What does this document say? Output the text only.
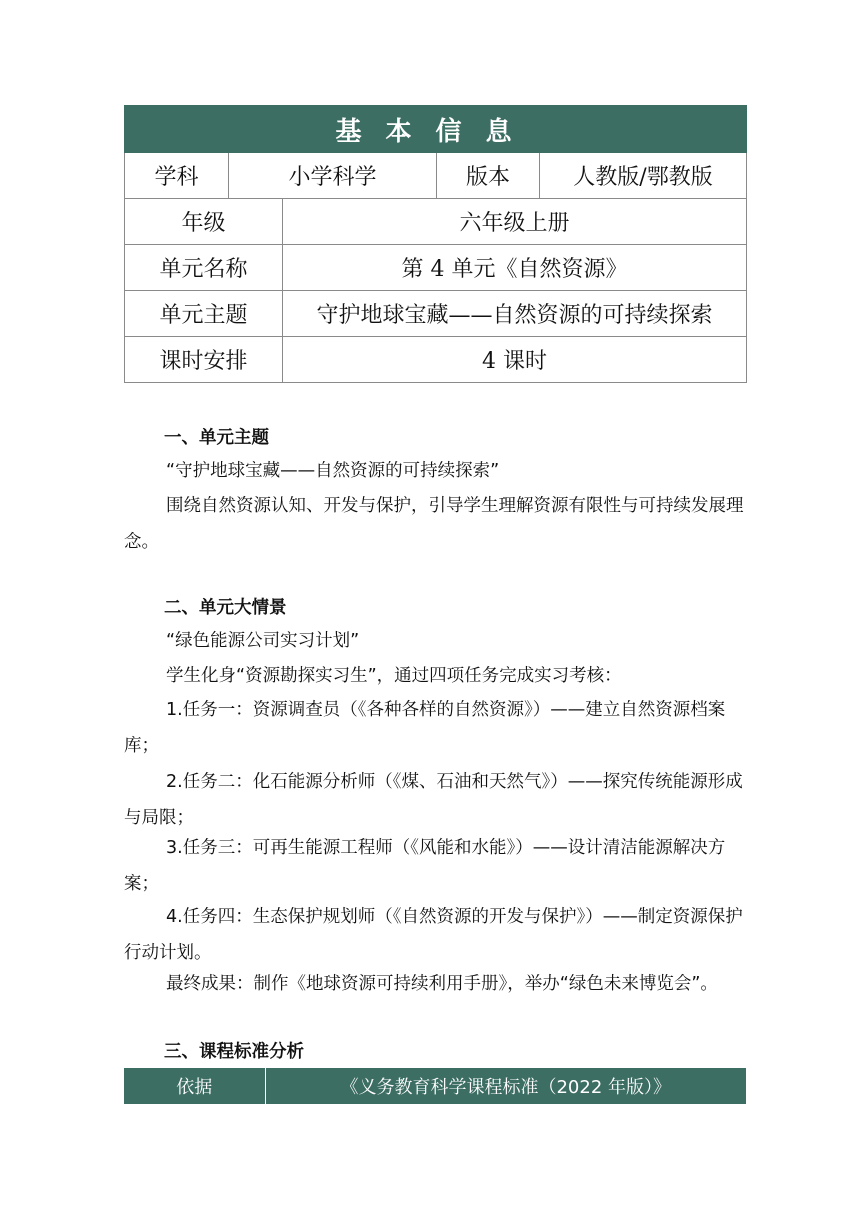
基本信息				
学科	小学科学		版本	人教版/鄂教版
年级		六年级上册		
单元名称		第 4 单元《自然资源》		
单元主题		守护地球宝藏——自然资源的可持续探索		
课时安排		4 课时		

一、单元主题

“守护地球宝藏——自然资源的可持续探索”

围绕自然资源认知、开发与保护，引导学生理解资源有限性与可持续发展理念。

二、单元大情景

“绿色能源公司实习计划”

学生化身“资源勘探实习生”，通过四项任务完成实习考核：

1.任务一：资源调查员（《各种各样的自然资源》）——建立自然资源档案库；

2.任务二：化石能源分析师（《煤、石油和天然气》）——探究传统能源形成与局限；

3.任务三：可再生能源工程师（《风能和水能》）——设计清洁能源解决方案；

4.任务四：生态保护规划师（《自然资源的开发与保护》）——制定资源保护行动计划。

最终成果：制作《地球资源可持续利用手册》，举办“绿色未来博览会”。

三、课程标准分析

依据	《义务教育科学课程标准（2022 年版）》
